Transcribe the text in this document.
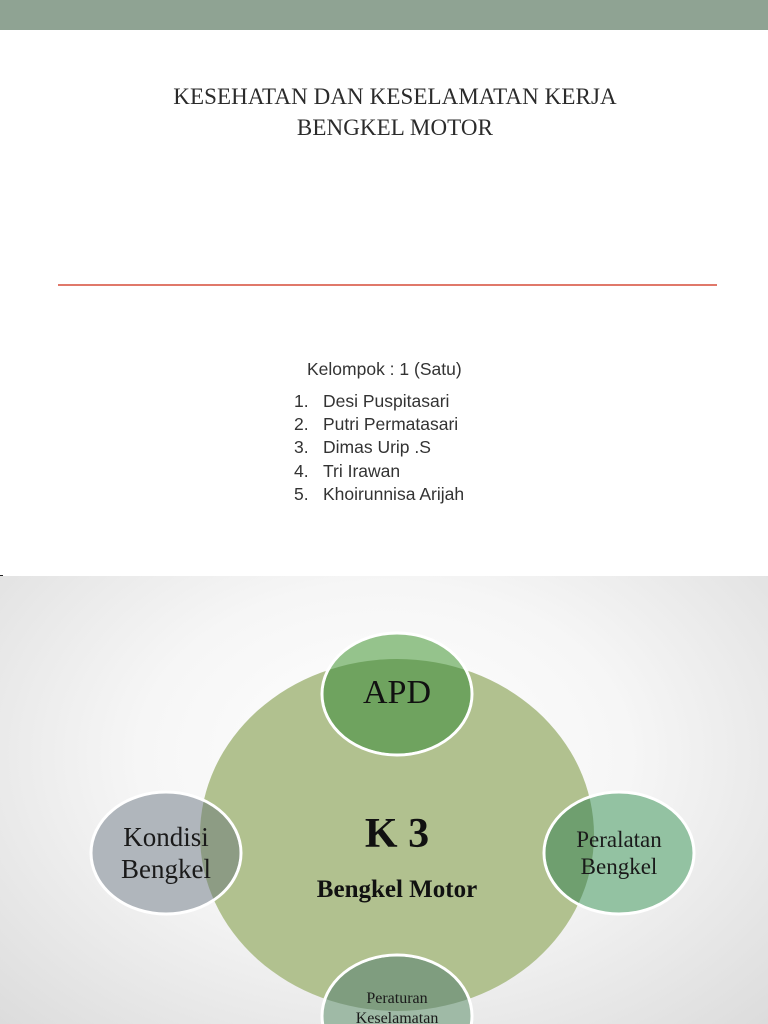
KESEHATAN DAN KESELAMATAN KERJA
BENGKEL MOTOR
Kelompok : 1 (Satu)
1. Desi Puspitasari
2. Putri Permatasari
3. Dimas Urip .S
4. Tri Irawan
5. Khoirunnisa Arijah
APD
K 3
Bengkel Motor
Kondisi
Bengkel
Peralatan
Bengkel
Peraturan
Keselamatan
